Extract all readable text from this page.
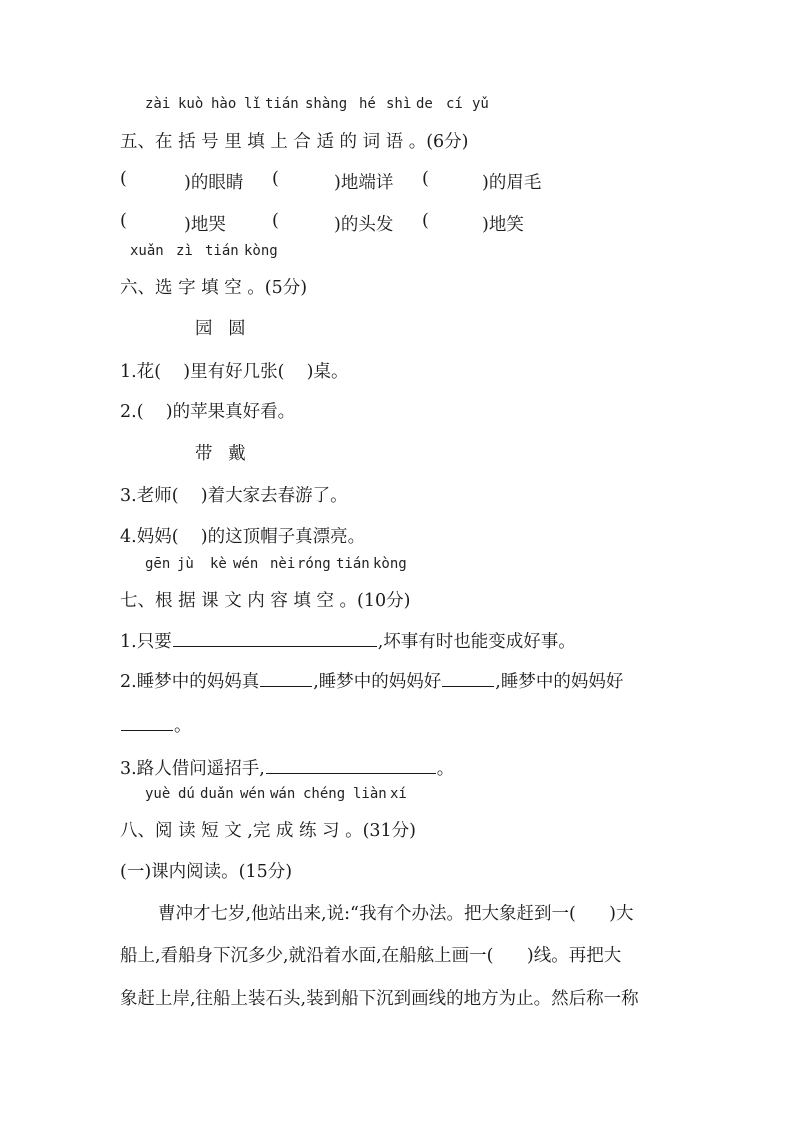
zài kuò hào lǐ tián shàng hé shì de cí yǔ
五、在 括 号 里 填 上 合 适 的 词 语 。(6分)
(	)的眼睛 (	)地端详 (	)的眉毛
(	)地哭	(	)的头发 (	)地笑
xuǎn zì tián kòng
六、选 字 填 空 。(5分)
园 圆
1.花(    )里有好几张(    )桌。
2.(    )的苹果真好看。
带 戴
3.老师(    )着大家去春游了。
4.妈妈(    )的这顶帽子真漂亮。
gēn jù kè wén nèi róng tián kòng
七、根 据 课 文 内 容 填 空 。(10分)
1.只要	,坏事有时也能变成好事。
2.睡梦中的妈妈真	,睡梦中的妈妈好	,睡梦中的妈妈好
。
3.路人借问遥招手,	。
yuè dú duǎn wén wán chéng liàn xí
八、阅 读 短 文 ,完 成 练 习 。(31分)
(一)课内阅读。(15分)
曹冲才七岁,他站出来,说:“我有个办法。把大象赶到一(      )大
船上,看船身下沉多少,就沿着水面,在船舷上画一(      )线。再把大
象赶上岸,往船上装石头,装到船下沉到画线的地方为止。然后称一称
